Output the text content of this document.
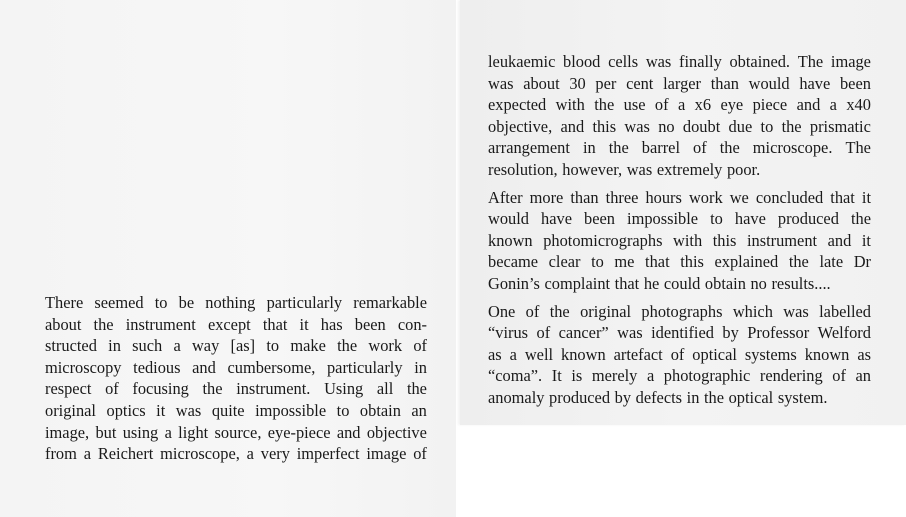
There seemed to be nothing particularly remarkable
about the instrument except that it has been con-
structed in such a way [as] to make the work of
microscopy tedious and cumbersome, particularly in
respect of focusing the instrument. Using all the
original optics it was quite impossible to obtain an
image, but using a light source, eye-piece and objective
from a Reichert microscope, a very imperfect image of
leukaemic blood cells was finally obtained. The image
was about 30 per cent larger than would have been
expected with the use of a x6 eye piece and a x40
objective, and this was no doubt due to the prismatic
arrangement in the barrel of the microscope. The
resolution, however, was extremely poor.
After more than three hours work we concluded that it
would have been impossible to have produced the
known photomicrographs with this instrument and it
became clear to me that this explained the late Dr
Gonin’s complaint that he could obtain no results....
One of the original photographs which was labelled
“virus of cancer” was identified by Professor Welford
as a well known artefact of optical systems known as
“coma”. It is merely a photographic rendering of an
anomaly produced by defects in the optical system.
